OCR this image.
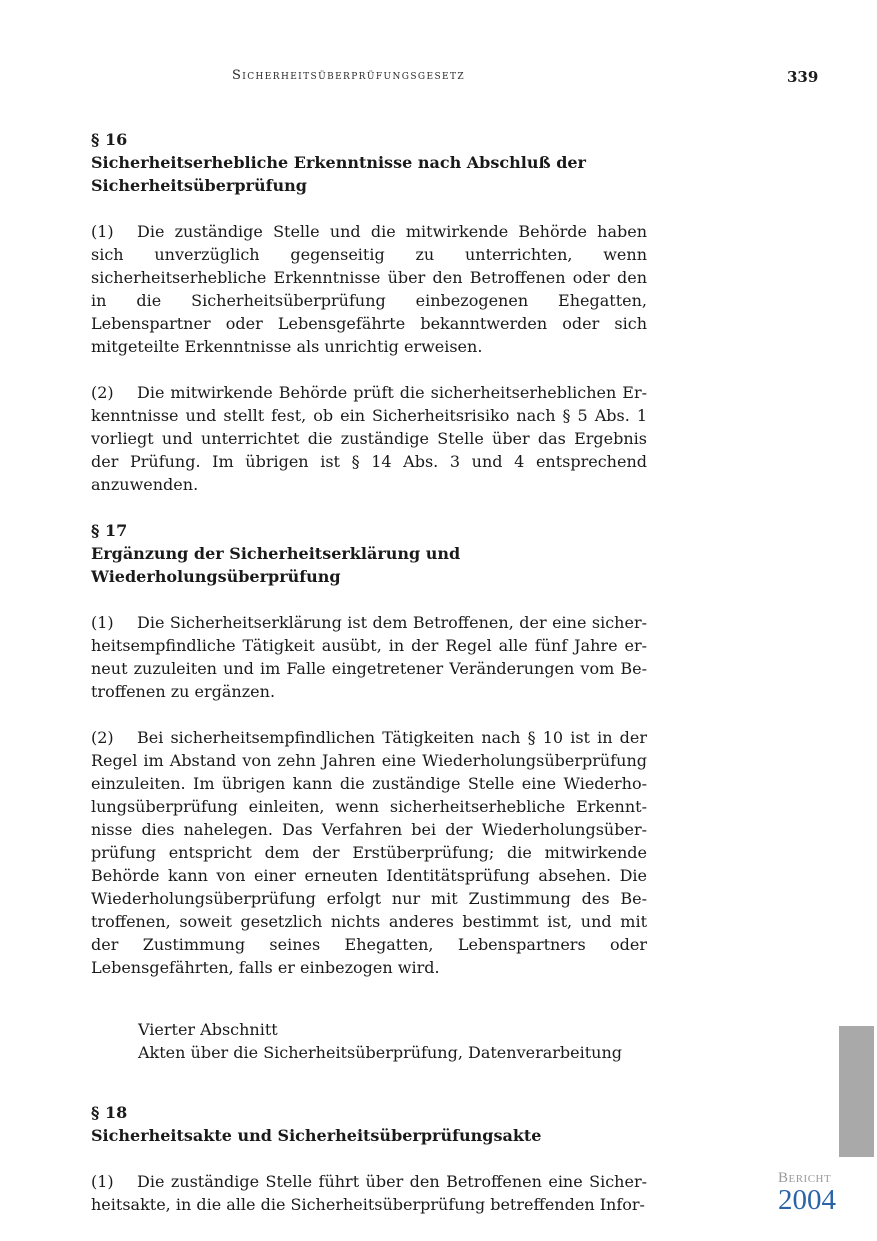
Sicherheitsüberprüfungsgesetz	339
§ 16
Sicherheitserhebliche Erkenntnisse nach Abschluß der Sicherheitsüberprüfung

(1) Die zuständige Stelle und die mitwirkende Behörde haben sich unverzüglich gegenseitig zu unterrichten, wenn sicherheitserhebliche Erkenntnisse über den Betroffenen oder den in die Sicherheitsüberprüfung einbezogenen Ehegatten, Lebenspartner oder Lebensgefährte bekanntwerden oder sich mitgeteilte Erkenntnisse als unrichtig erweisen.

(2) Die mitwirkende Behörde prüft die sicherheitserheblichen Erkenntnisse und stellt fest, ob ein Sicherheitsrisiko nach § 5 Abs. 1 vorliegt und unterrichtet die zuständige Stelle über das Ergebnis der Prüfung. Im übrigen ist § 14 Abs. 3 und 4 entsprechend anzuwenden.

§ 17
Ergänzung der Sicherheitserklärung und Wiederholungsüberprüfung

(1) Die Sicherheitserklärung ist dem Betroffenen, der eine sicherheitsempfindliche Tätigkeit ausübt, in der Regel alle fünf Jahre erneut zuzuleiten und im Falle eingetretener Veränderungen vom Betroffenen zu ergänzen.

(2) Bei sicherheitsempfindlichen Tätigkeiten nach § 10 ist in der Regel im Abstand von zehn Jahren eine Wiederholungsüberprüfung einzuleiten. Im übrigen kann die zuständige Stelle eine Wiederholungsüberprüfung einleiten, wenn sicherheitserhebliche Erkenntnisse dies nahelegen. Das Verfahren bei der Wiederholungsüberprüfung entspricht dem der Erstüberprüfung; die mitwirkende Behörde kann von einer erneuten Identitätsprüfung absehen. Die Wiederholungsüberprüfung erfolgt nur mit Zustimmung des Betroffenen, soweit gesetzlich nichts anderes bestimmt ist, und mit der Zustimmung seines Ehegatten, Lebenspartners oder Lebensgefährten, falls er einbezogen wird.

Vierter Abschnitt
Akten über die Sicherheitsüberprüfung, Datenverarbeitung
§ 18
Sicherheitsakte und Sicherheitsüberprüfungsakte

(1) Die zuständige Stelle führt über den Betroffenen eine Sicherheitsakte, in die alle die Sicherheitsüberprüfung betreffenden Infor-

Bericht
2004
